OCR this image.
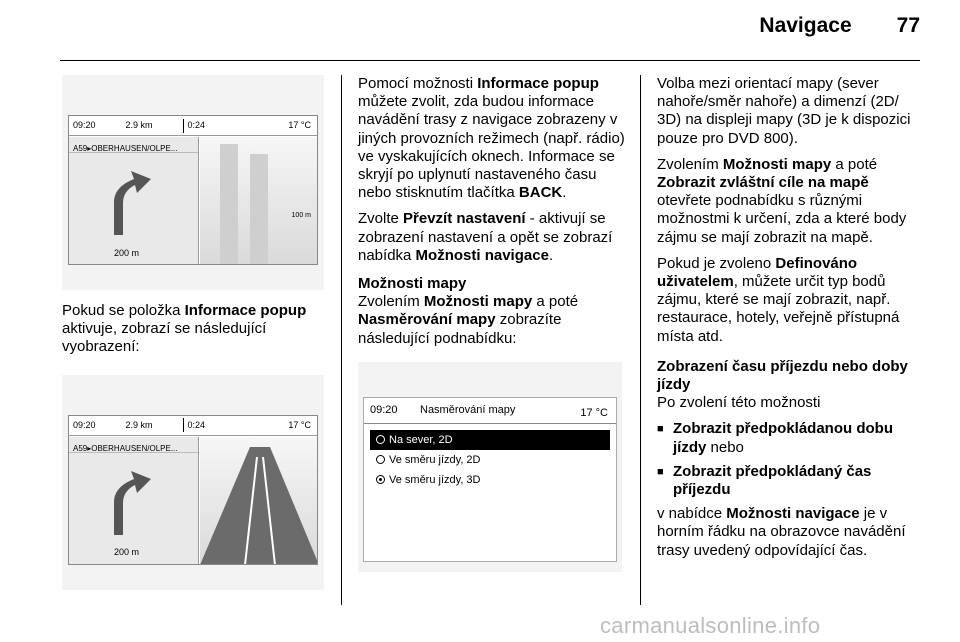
Navigace 77
09:20	2.9 km	0:24	17 °C
A59▸OBERHAUSEN/OLPE...
200 m
100 m

Pokud se položka Informace popup aktivuje, zobrazí se následující vyobrazení:

09:20	2.9 km	0:24	17 °C
A59▸OBERHAUSEN/OLPE...
200 m

Pomocí možnosti Informace popup můžete zvolit, zda budou informace navádění trasy z navigace zobrazeny v jiných provozních režimech (např. rádio) ve vyskakujících oknech. Informace se skryjí po uplynutí nastaveného času nebo stisknutím tlačítka BACK.

Zvolte Převzít nastavení - aktivují se zobrazení nastavení a opět se zobrazí nabídka Možnosti navigace.

Možnosti mapy

Zvolením Možnosti mapy a poté Nasměrování mapy zobrazíte následující podnabídku:

09:20	Nasměrování mapy	17 °C
Na sever, 2D
Ve směru jízdy, 2D
Ve směru jízdy, 3D

Volba mezi orientací mapy (sever nahoře/směr nahoře) a dimenzí (2D/ 3D) na displeji mapy (3D je k dispozici pouze pro DVD 800).

Zvolením Možnosti mapy a poté Zobrazit zvláštní cíle na mapě otevřete podnabídku s různými možnostmi k určení, zda a které body zájmu se mají zobrazit na mapě.

Pokud je zvoleno Definováno uživatelem, můžete určit typ bodů zájmu, které se mají zobrazit, např. restaurace, hotely, veřejně přístupná místa atd.

Zobrazení času příjezdu nebo doby jízdy

Po zvolení této možnosti

■ Zobrazit předpokládanou dobu jízdy nebo
■ Zobrazit předpokládaný čas příjezdu

v nabídce Možnosti navigace je v horním řádku na obrazovce navádění trasy uvedený odpovídající čas.

carmanualsonline.info
